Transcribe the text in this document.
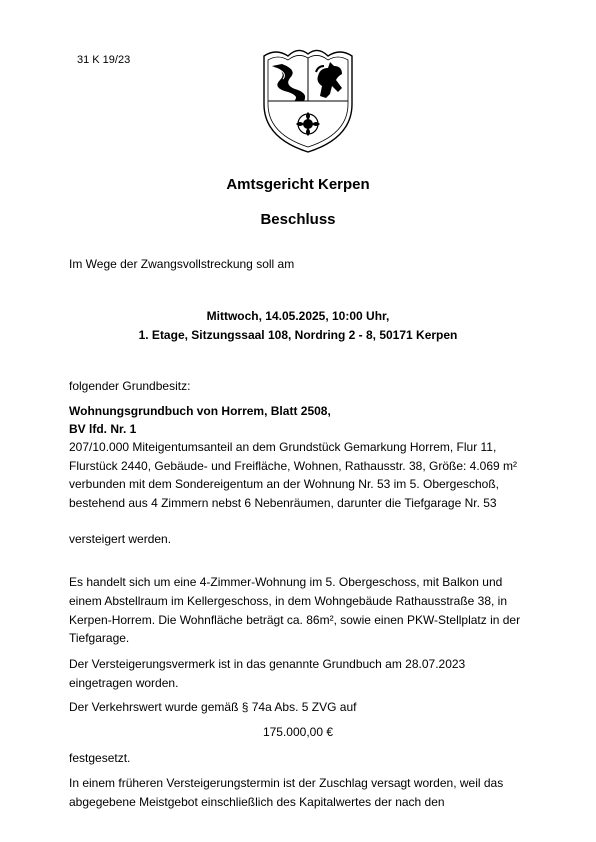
31 K 19/23
Amtsgericht Kerpen
Beschluss
Im Wege der Zwangsvollstreckung soll am
Mittwoch, 14.05.2025, 10:00 Uhr,
1. Etage, Sitzungssaal 108, Nordring 2 - 8, 50171 Kerpen
folgender Grundbesitz:
Wohnungsgrundbuch von Horrem, Blatt 2508,
BV lfd. Nr. 1
207/10.000 Miteigentumsanteil an dem Grundstück Gemarkung Horrem, Flur 11,
Flurstück 2440, Gebäude- und Freifläche, Wohnen, Rathausstr. 38, Größe: 4.069 m²
verbunden mit dem Sondereigentum an der Wohnung Nr. 53 im 5. Obergeschoß,
bestehend aus 4 Zimmern nebst 6 Nebenräumen, darunter die Tiefgarage Nr. 53
versteigert werden.
Es handelt sich um eine 4-Zimmer-Wohnung im 5. Obergeschoss, mit Balkon und
einem Abstellraum im Kellergeschoss, in dem Wohngebäude Rathausstraße 38, in
Kerpen-Horrem. Die Wohnfläche beträgt ca. 86m², sowie einen PKW-Stellplatz in der
Tiefgarage.
Der Versteigerungsvermerk ist in das genannte Grundbuch am 28.07.2023
eingetragen worden.
Der Verkehrswert wurde gemäß § 74a Abs. 5 ZVG auf
175.000,00 €
festgesetzt.
In einem früheren Versteigerungstermin ist der Zuschlag versagt worden, weil das
abgegebene Meistgebot einschließlich des Kapitalwertes der nach den
